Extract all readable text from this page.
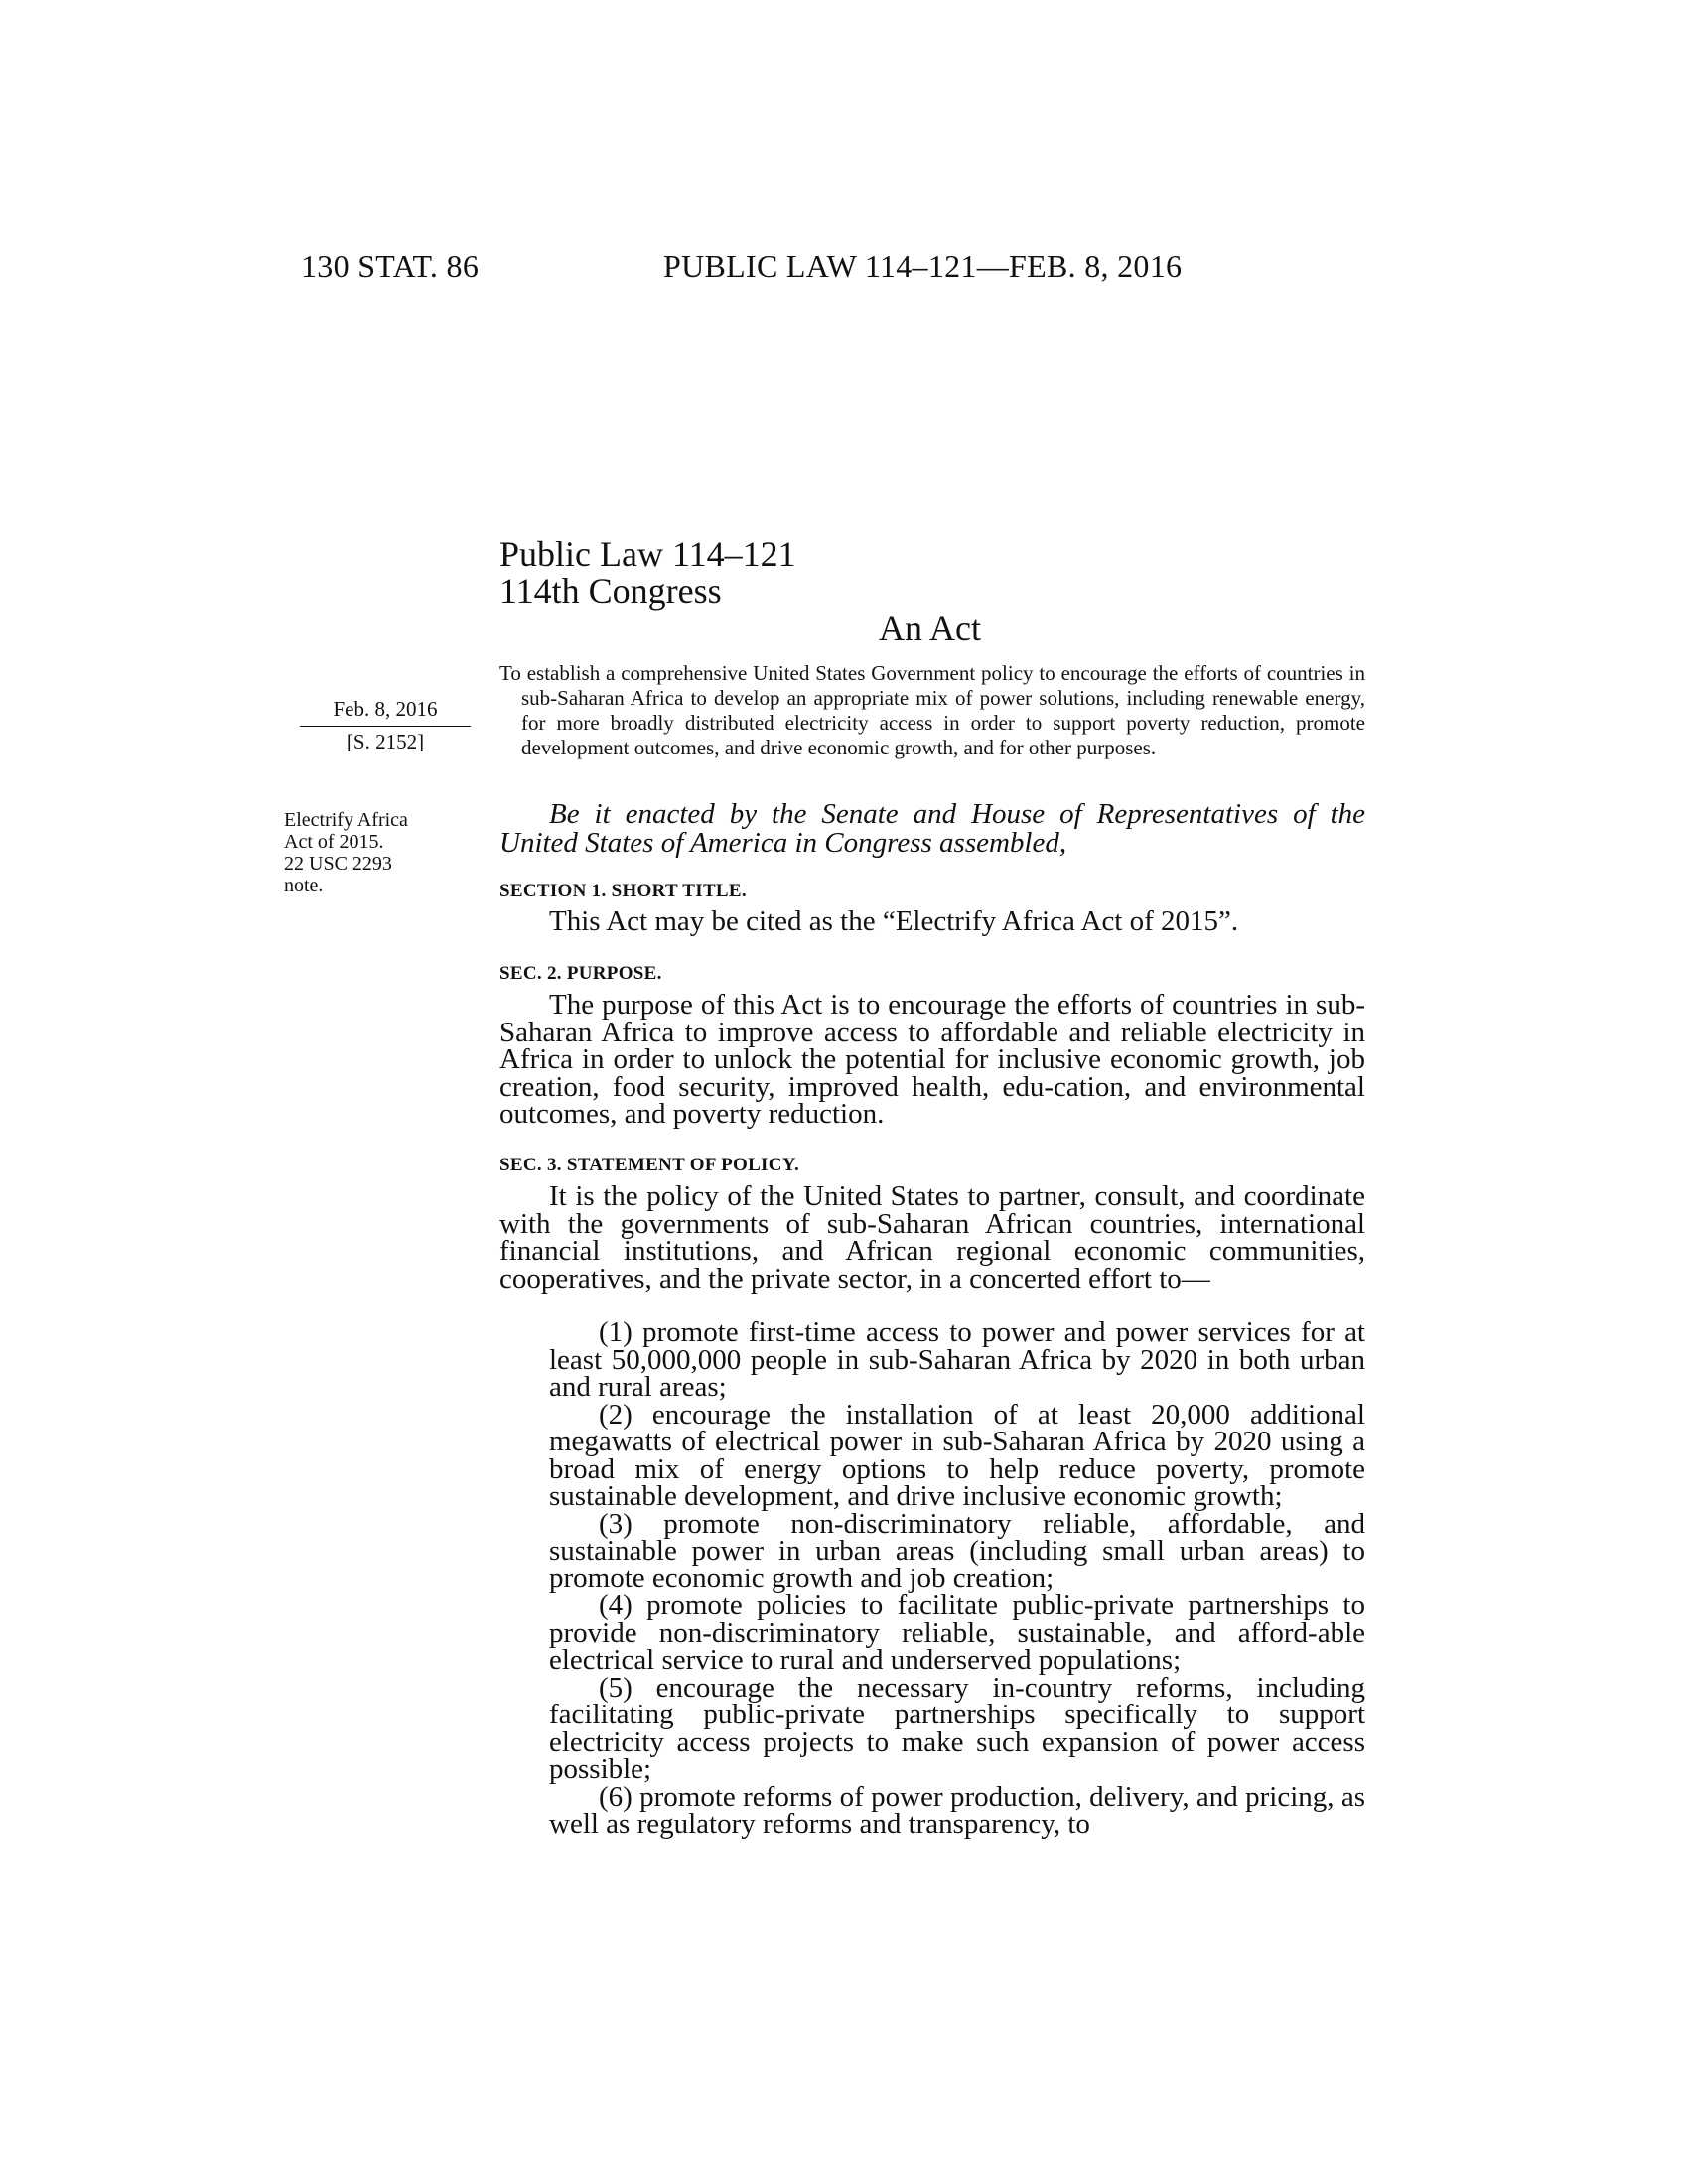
130 STAT. 86	PUBLIC LAW 114–121—FEB. 8, 2016
Public Law 114–121
114th Congress
An Act
To establish a comprehensive United States Government policy to encourage the efforts of countries in sub-Saharan Africa to develop an appropriate mix of power solutions, including renewable energy, for more broadly distributed electricity access in order to support poverty reduction, promote development outcomes, and drive economic growth, and for other purposes.
Feb. 8, 2016
[S. 2152]
Electrify Africa
Act of 2015.
22 USC 2293
note.
Be it enacted by the Senate and House of Representatives of the United States of America in Congress assembled,
SECTION 1. SHORT TITLE.
This Act may be cited as the “Electrify Africa Act of 2015”.
SEC. 2. PURPOSE.
The purpose of this Act is to encourage the efforts of countries in sub-Saharan Africa to improve access to affordable and reliable electricity in Africa in order to unlock the potential for inclusive economic growth, job creation, food security, improved health, edu-cation, and environmental outcomes, and poverty reduction.
SEC. 3. STATEMENT OF POLICY.
It is the policy of the United States to partner, consult, and coordinate with the governments of sub-Saharan African countries, international financial institutions, and African regional economic communities, cooperatives, and the private sector, in a concerted effort to—
(1) promote first-time access to power and power services for at least 50,000,000 people in sub-Saharan Africa by 2020 in both urban and rural areas;
(2) encourage the installation of at least 20,000 additional megawatts of electrical power in sub-Saharan Africa by 2020 using a broad mix of energy options to help reduce poverty, promote sustainable development, and drive inclusive economic growth;
(3) promote non-discriminatory reliable, affordable, and sustainable power in urban areas (including small urban areas) to promote economic growth and job creation;
(4) promote policies to facilitate public-private partnerships to provide non-discriminatory reliable, sustainable, and afford-able electrical service to rural and underserved populations;
(5) encourage the necessary in-country reforms, including facilitating public-private partnerships specifically to support electricity access projects to make such expansion of power access possible;
(6) promote reforms of power production, delivery, and pricing, as well as regulatory reforms and transparency, to
